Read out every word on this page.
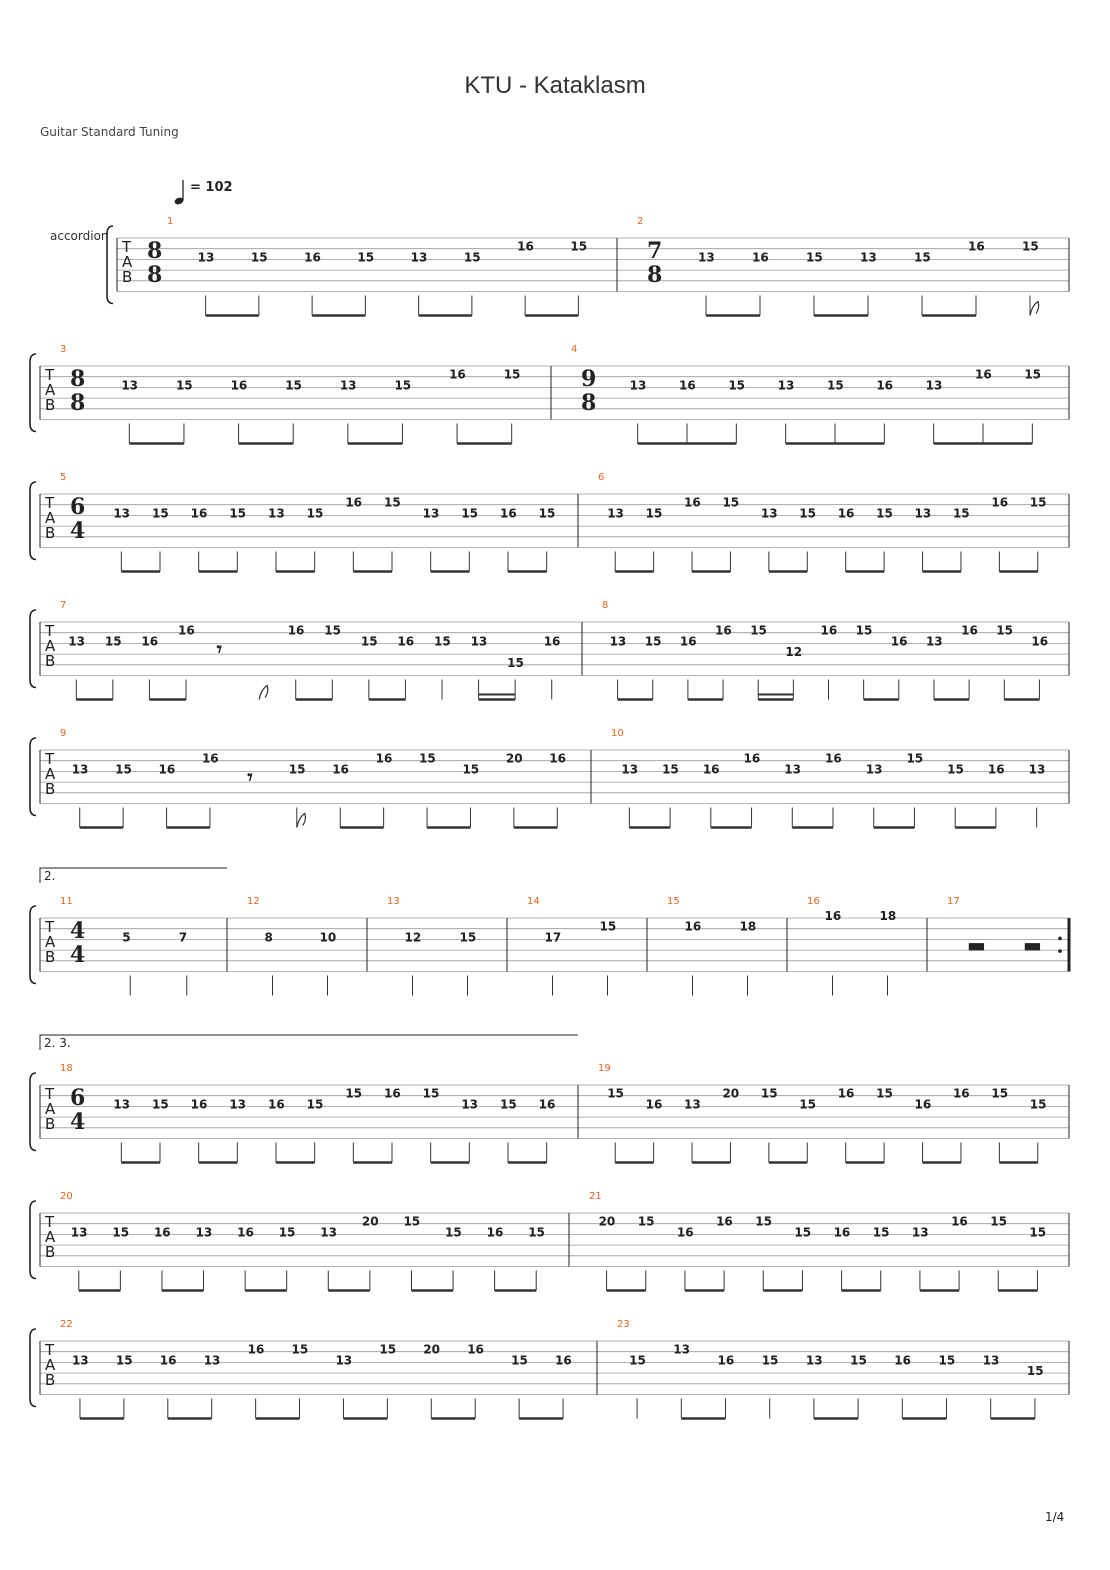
KTU - Kataklasm
Guitar Standard Tuning
= 102
accordion
T
A
B
1
8
8
13	15	16	15	13	15
16	15
2
7
8
13	16	15	13	15
16	15
T
A
B
3
8
8
13	15	16	15	13	15
16	15
4
9
8
13	16	15	13	15	16	13
16	15
T
A
B
5
6
4
13 15 16 15 13 15
16 15
13 15 16 15
6
13 15
16 15
13 15 16 15 13 15
16 15
T
A
B
7
13 15 16
16
𝄾
16 15
15 16 15 13
15
16
8
13 15 16
16 15
12
16 15
16 13
16 15
16
T
A
B
9
13 15 16
16
𝄾	15 16
16 15
15
20 16
10
13 15 16
16
13
16
13
15
15 16 13
T
A
B
2.
11
4
4
5	7
12
8	10
13
12	15
14
17
15
15
16	18
16
16	18
17
▬ ▬
T
A
B
2. 3.
18
6
4
13 15 16 13 16 15
15 16 15
13 15 16
19
15
16 13
20 15
15
16 15
16
16 15
15
T
A
B
20
13 15 16 13 16 15 13
20 15
15 16 15
21
20 15
16
16 15
15 16 15 13
16 15
15
T
A
B
22
13 15 16 13
16 15
13
15 20 16
15 16
23
15
13
16 15 13 15 16 15 13
15
1/4
